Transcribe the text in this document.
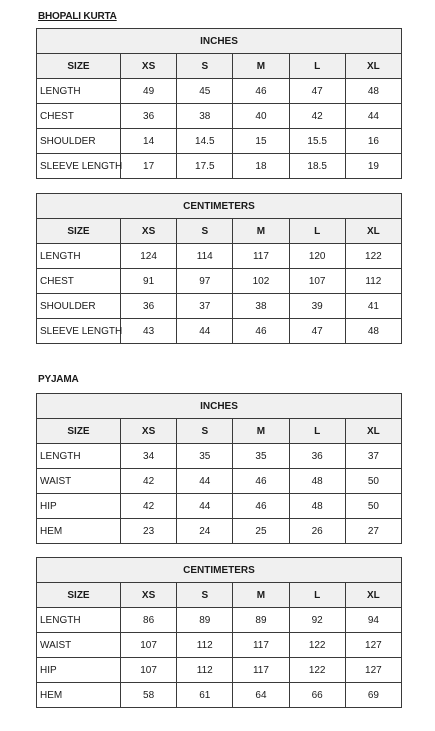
BHOPALI KURTA
INCHES					
SIZE	XS	S	M	L	XL
LENGTH	49	45	46	47	48
CHEST	36	38	40	42	44
SHOULDER	14	14.5	15	15.5	16
SLEEVE LENGTH	17	17.5	18	18.5	19
CENTIMETERS					
SIZE	XS	S	M	L	XL
LENGTH	124	114	117	120	122
CHEST	91	97	102	107	112
SHOULDER	36	37	38	39	41
SLEEVE LENGTH	43	44	46	47	48
PYJAMA
INCHES					
SIZE	XS	S	M	L	XL
LENGTH	34	35	35	36	37
WAIST	42	44	46	48	50
HIP	42	44	46	48	50
HEM	23	24	25	26	27
CENTIMETERS					
SIZE	XS	S	M	L	XL
LENGTH	86	89	89	92	94
WAIST	107	112	117	122	127
HIP	107	112	117	122	127
HEM	58	61	64	66	69
